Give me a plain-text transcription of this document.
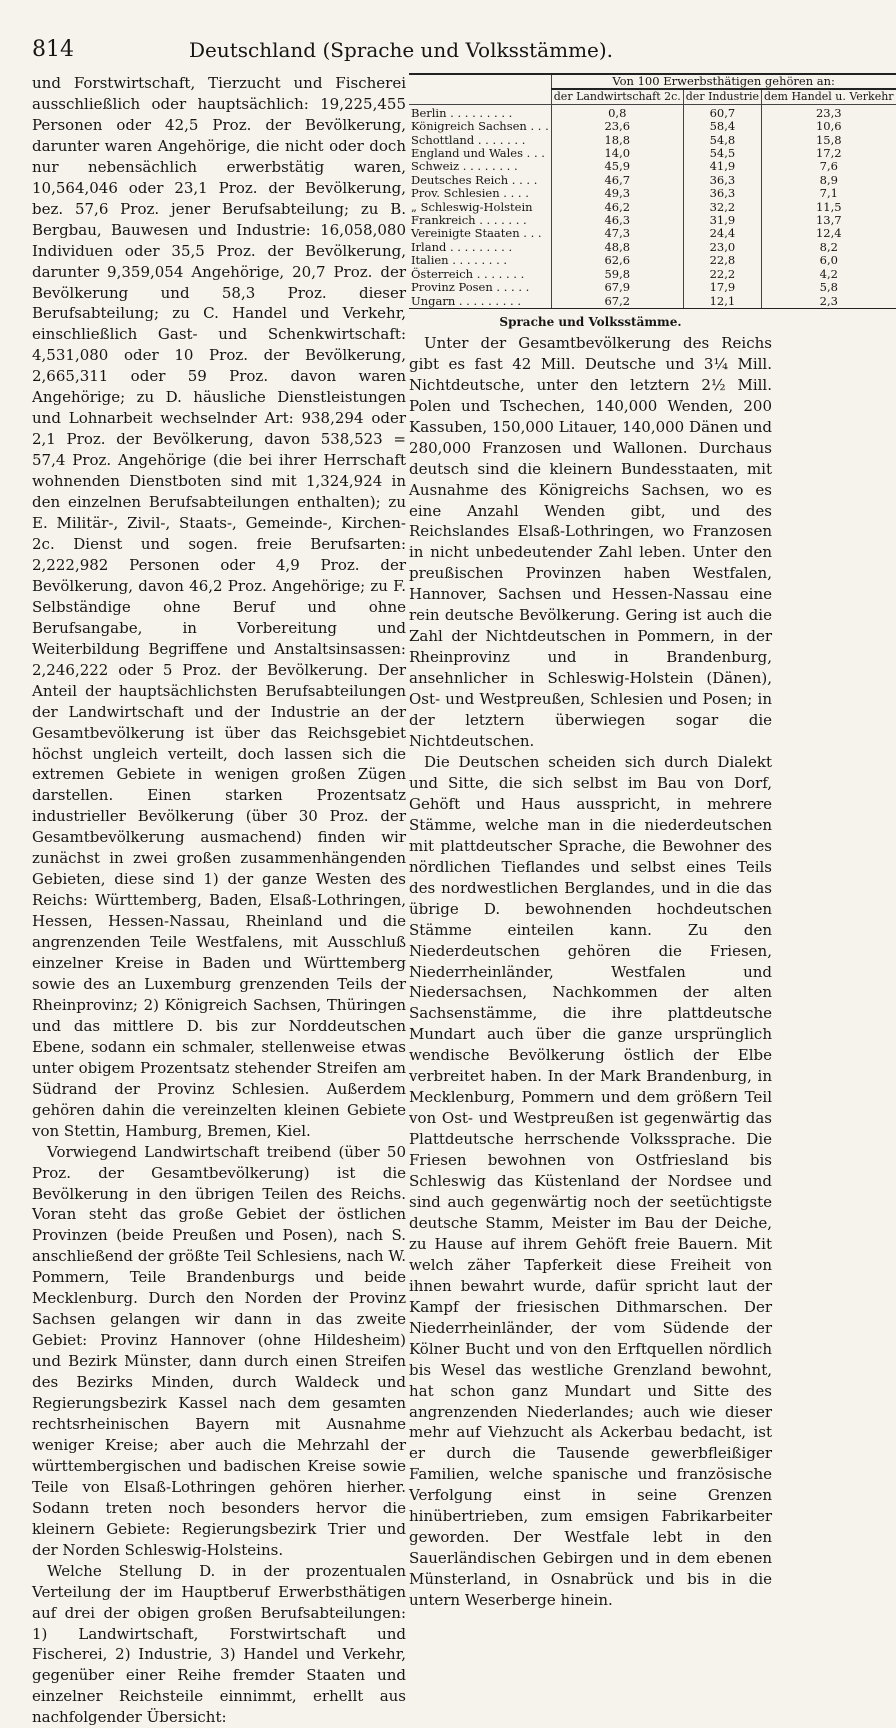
814	Deutschland (Sprache und Volksstämme).

und Forstwirtschaft, Tierzucht und Fischerei ausschließlich oder hauptsächlich: 19,225,455 Personen oder 42,5 Proz. der Bevölkerung, darunter waren Angehörige, die nicht oder doch nur nebensächlich erwerbstätig waren, 10,564,046 oder 23,1 Proz. der Bevölkerung, bez. 57,6 Proz. jener Berufsabteilung; zu B. Bergbau, Bauwesen und Industrie: 16,058,080 Individuen oder 35,5 Proz. der Bevölkerung, darunter 9,359,054 Angehörige, 20,7 Proz. der Bevölkerung und 58,3 Proz. dieser Berufsabteilung; zu C. Handel und Verkehr, einschließlich Gast- und Schenkwirtschaft: 4,531,080 oder 10 Proz. der Bevölkerung, 2,665,311 oder 59 Proz. davon waren Angehörige; zu D. häusliche Dienstleistungen und Lohnarbeit wechselnder Art: 938,294 oder 2,1 Proz. der Bevölkerung, davon 538,523 = 57,4 Proz. Angehörige (die bei ihrer Herrschaft wohnenden Dienstboten sind mit 1,324,924 in den einzelnen Berufsabteilungen enthalten); zu E. Militär-, Zivil-, Staats-, Gemeinde-, Kirchen- 2c. Dienst und sogen. freie Berufsarten: 2,222,982 Personen oder 4,9 Proz. der Bevölkerung, davon 46,2 Proz. Angehörige; zu F. Selbständige ohne Beruf und ohne Berufsangabe, in Vorbereitung und Weiterbildung Begriffene und Anstaltsinsassen: 2,246,222 oder 5 Proz. der Bevölkerung. Der Anteil der hauptsächlichsten Berufsabteilungen der Landwirtschaft und der Industrie an der Gesamtbevölkerung ist über das Reichsgebiet höchst ungleich verteilt, doch lassen sich die extremen Gebiete in wenigen großen Zügen darstellen. Einen starken Prozentsatz industrieller Bevölkerung (über 30 Proz. der Gesamtbevölkerung ausmachend) finden wir zunächst in zwei großen zusammenhängenden Gebieten, diese sind 1) der ganze Westen des Reichs: Württemberg, Baden, Elsaß-Lothringen, Hessen, Hessen-Nassau, Rheinland und die angrenzenden Teile Westfalens, mit Ausschluß einzelner Kreise in Baden und Württemberg sowie des an Luxemburg grenzenden Teils der Rheinprovinz; 2) Königreich Sachsen, Thüringen und das mittlere D. bis zur Norddeutschen Ebene, sodann ein schmaler, stellenweise etwas unter obigem Prozentsatz stehender Streifen am Südrand der Provinz Schlesien. Außerdem gehören dahin die vereinzelten kleinen Gebiete von Stettin, Hamburg, Bremen, Kiel.

Vorwiegend Landwirtschaft treibend (über 50 Proz. der Gesamtbevölkerung) ist die Bevölkerung in den übrigen Teilen des Reichs. Voran steht das große Gebiet der östlichen Provinzen (beide Preußen und Posen), nach S. anschließend der größte Teil Schlesiens, nach W. Pommern, Teile Brandenburgs und beide Mecklenburg. Durch den Norden der Provinz Sachsen gelangen wir dann in das zweite Gebiet: Provinz Hannover (ohne Hildesheim) und Bezirk Münster, dann durch einen Streifen des Bezirks Minden, durch Waldeck und Regierungsbezirk Kassel nach dem gesamten rechtsrheinischen Bayern mit Ausnahme weniger Kreise; aber auch die Mehrzahl der württembergischen und badischen Kreise sowie Teile von Elsaß-Lothringen gehören hierher. Sodann treten noch besonders hervor die kleinern Gebiete: Regierungsbezirk Trier und der Norden Schleswig-Holsteins.

Welche Stellung D. in der prozentualen Verteilung der im Hauptberuf Erwerbsthätigen auf drei der obigen großen Berufsabteilungen: 1) Landwirtschaft, Forstwirtschaft und Fischerei, 2) Industrie, 3) Handel und Verkehr, gegenüber einer Reihe fremder Staaten und einzelner Reichsteile einnimmt, erhellt aus nachfolgender Übersicht:

	Von 100 Erwerbsthätigen gehören an:		
	der Landwirtschaft 2c.	der Industrie	dem Handel u. Verkehr
Berlin . . . . . . . . .	0,8	60,7	23,3
Königreich Sachsen . . .	23,6	58,4	10,6
Schottland . . . . . . .	18,8	54,8	15,8
England und Wales . . .	14,0	54,5	17,2
Schweiz . . . . . . . .	45,9	41,9	7,6
Deutsches Reich . . . .	46,7	36,3	8,9
Prov. Schlesien . . . .	49,3	36,3	7,1
„ Schleswig-Holstein	46,2	32,2	11,5
Frankreich . . . . . . .	46,3	31,9	13,7
Vereinigte Staaten . . .	47,3	24,4	12,4
Irland . . . . . . . . .	48,8	23,0	8,2
Italien . . . . . . . .	62,6	22,8	6,0
Österreich . . . . . . .	59,8	22,2	4,2
Provinz Posen . . . . .	67,9	17,9	5,8
Ungarn . . . . . . . . .	67,2	12,1	2,3
Sprache und Volksstämme.

Unter der Gesamtbevölkerung des Reichs gibt es fast 42 Mill. Deutsche und 3¼ Mill. Nichtdeutsche, unter den letztern 2½ Mill. Polen und Tschechen, 140,000 Wenden, 200 Kassuben, 150,000 Litauer, 140,000 Dänen und 280,000 Franzosen und Wallonen. Durchaus deutsch sind die kleinern Bundesstaaten, mit Ausnahme des Königreichs Sachsen, wo es eine Anzahl Wenden gibt, und des Reichslandes Elsaß-Lothringen, wo Franzosen in nicht unbedeutender Zahl leben. Unter den preußischen Provinzen haben Westfalen, Hannover, Sachsen und Hessen-Nassau eine rein deutsche Bevölkerung. Gering ist auch die Zahl der Nichtdeutschen in Pommern, in der Rheinprovinz und in Brandenburg, ansehnlicher in Schleswig-Holstein (Dänen), Ost- und Westpreußen, Schlesien und Posen; in der letztern überwiegen sogar die Nichtdeutschen.

Die Deutschen scheiden sich durch Dialekt und Sitte, die sich selbst im Bau von Dorf, Gehöft und Haus ausspricht, in mehrere Stämme, welche man in die niederdeutschen mit plattdeutscher Sprache, die Bewohner des nördlichen Tieflandes und selbst eines Teils des nordwestlichen Berglandes, und in die das übrige D. bewohnenden hochdeutschen Stämme einteilen kann. Zu den Niederdeutschen gehören die Friesen, Niederrheinländer, Westfalen und Niedersachsen, Nachkommen der alten Sachsenstämme, die ihre plattdeutsche Mundart auch über die ganze ursprünglich wendische Bevölkerung östlich der Elbe verbreitet haben. In der Mark Brandenburg, in Mecklenburg, Pommern und dem größern Teil von Ost- und Westpreußen ist gegenwärtig das Plattdeutsche herrschende Volkssprache. Die Friesen bewohnen von Ostfriesland bis Schleswig das Küstenland der Nordsee und sind auch gegenwärtig noch der seetüchtigste deutsche Stamm, Meister im Bau der Deiche, zu Hause auf ihrem Gehöft freie Bauern. Mit welch zäher Tapferkeit diese Freiheit von ihnen bewahrt wurde, dafür spricht laut der Kampf der friesischen Dithmarschen. Der Niederrheinländer, der vom Südende der Kölner Bucht und von den Erftquellen nördlich bis Wesel das westliche Grenzland bewohnt, hat schon ganz Mundart und Sitte des angrenzenden Niederlandes; auch wie dieser mehr auf Viehzucht als Ackerbau bedacht, ist er durch die Tausende gewerbfleißiger Familien, welche spanische und französische Verfolgung einst in seine Grenzen hinübertrieben, zum emsigen Fabrikarbeiter geworden. Der Westfale lebt in den Sauerländischen Gebirgen und in dem ebenen Münsterland, in Osnabrück und bis in die untern Weserberge hinein.
